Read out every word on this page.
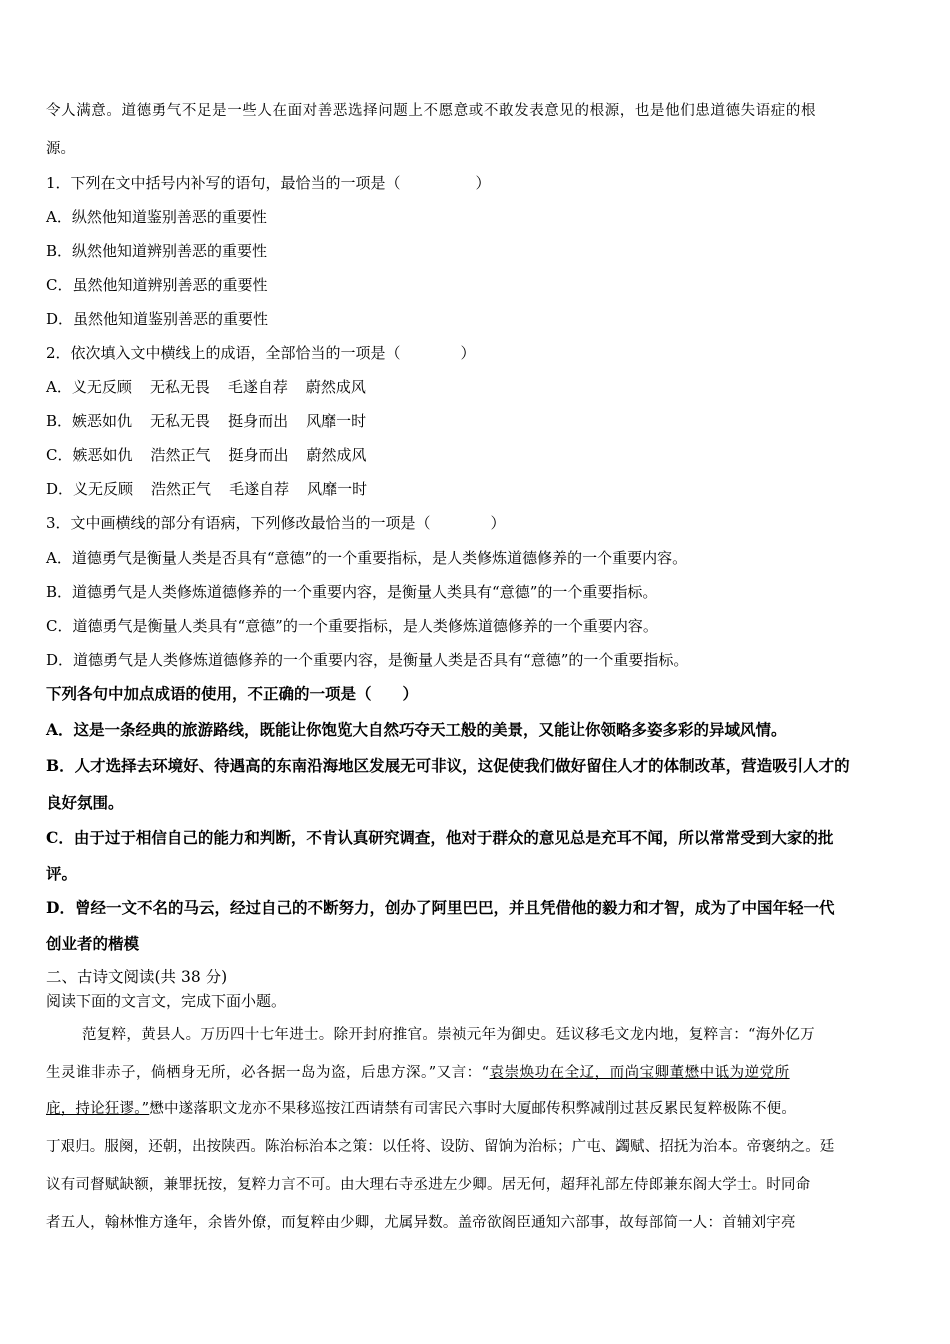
令人满意。道德勇气不足是一些人在面对善恶选择问题上不愿意或不敢发表意见的根源，也是他们患道德失语症的根
源。
1．下列在文中括号内补写的语句，最恰当的一项是（　　　　　）
A．纵然他知道鉴别善恶的重要性
B．纵然他知道辨别善恶的重要性
C．虽然他知道辨别善恶的重要性
D．虽然他知道鉴别善恶的重要性
2．依次填入文中横线上的成语，全部恰当的一项是（　　　　）
A．义无反顾 无私无畏 毛遂自荐 蔚然成风
B．嫉恶如仇 无私无畏 挺身而出 风靡一时
C．嫉恶如仇 浩然正气 挺身而出 蔚然成风
D．义无反顾 浩然正气 毛遂自荐 风靡一时
3．文中画横线的部分有语病，下列修改最恰当的一项是（　　　　）
A．道德勇气是衡量人类是否具有“意德”的一个重要指标，是人类修炼道德修养的一个重要内容。
B．道德勇气是人类修炼道德修养的一个重要内容，是衡量人类具有“意德”的一个重要指标。
C．道德勇气是衡量人类具有“意德”的一个重要指标，是人类修炼道德修养的一个重要内容。
D．道德勇气是人类修炼道德修养的一个重要内容，是衡量人类是否具有“意德”的一个重要指标。
下列各句中加点成语的使用，不正确的一项是（　　）
A．这是一条经典的旅游路线，既能让你饱览大自然巧夺天工般的美景，又能让你领略多姿多彩的异域风情。
B．人才选择去环境好、待遇高的东南沿海地区发展无可非议，这促使我们做好留住人才的体制改革，营造吸引人才的
良好氛围。
C．由于过于相信自己的能力和判断，不肯认真研究调查，他对于群众的意见总是充耳不闻，所以常常受到大家的批
评。
D．曾经一文不名的马云，经过自己的不断努力，创办了阿里巴巴，并且凭借他的毅力和才智，成为了中国年轻一代
创业者的楷模
二、古诗文阅读(共 38 分)
阅读下面的文言文，完成下面小题。
范复粹，黄县人。万历四十七年进士。除开封府推官。崇祯元年为御史。廷议移毛文龙内地，复粹言：“海外亿万
生灵谁非赤子，倘栖身无所，必各据一岛为盗，后患方深。”又言：“袁崇焕功在全辽，而尚宝卿董懋中诋为逆党所
庇，持论狂谬。”懋中遂落职文龙亦不果移巡按江西请禁有司害民六事时大厦邮传积弊减削过甚反累民复粹极陈不便。
丁艰归。服阕，还朝，出按陕西。陈治标治本之策：以任将、设防、留饷为治标；广屯、蠲赋、招抚为治本。帝褒纳之。廷
议有司督赋缺额，兼罪抚按，复粹力言不可。由大理右寺丞进左少卿。居无何，超拜礼部左侍郎兼东阁大学士。时同命
者五人，翰林惟方逢年，余皆外僚，而复粹由少卿，尤属异数。盖帝欲阁臣通知六部事，故每部简一人：首辅刘宇亮
